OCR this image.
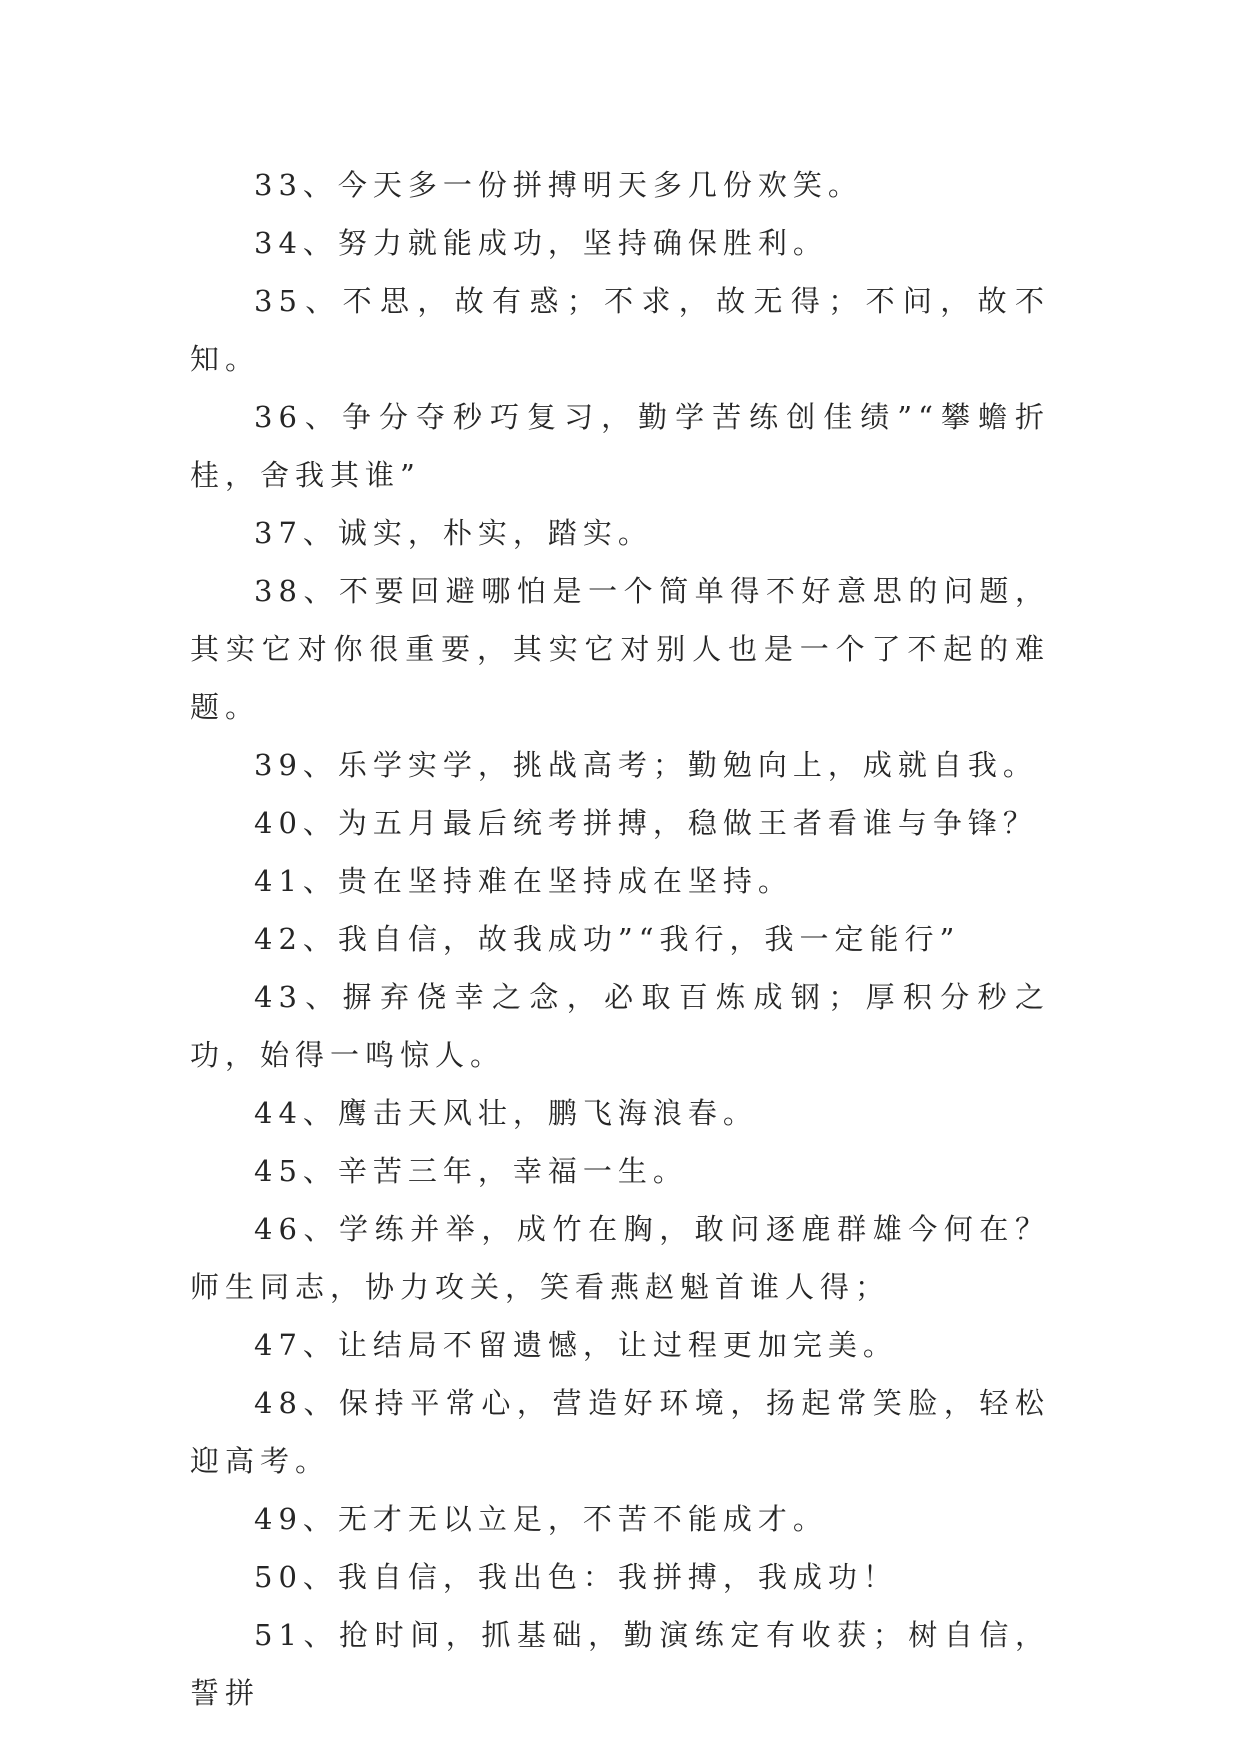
33、今天多一份拼搏明天多几份欢笑。

34、努力就能成功，坚持确保胜利。

35、不思，故有惑；不求，故无得；不问，故不知。

36、争分夺秒巧复习，勤学苦练创佳绩”“攀蟾折桂，舍我其谁”

37、诚实，朴实，踏实。

38、不要回避哪怕是一个简单得不好意思的问题，其实它对你很重要，其实它对别人也是一个了不起的难题。

39、乐学实学，挑战高考；勤勉向上，成就自我。

40、为五月最后统考拼搏，稳做王者看谁与争锋？

41、贵在坚持难在坚持成在坚持。

42、我自信，故我成功”“我行，我一定能行”

43、摒弃侥幸之念，必取百炼成钢；厚积分秒之功，始得一鸣惊人。

44、鹰击天风壮，鹏飞海浪春。

45、辛苦三年，幸福一生。

46、学练并举，成竹在胸，敢问逐鹿群雄今何在？师生同志，协力攻关，笑看燕赵魁首谁人得；

47、让结局不留遗憾，让过程更加完美。

48、保持平常心，营造好环境，扬起常笑脸，轻松迎高考。

49、无才无以立足，不苦不能成才。

50、我自信，我出色：我拼搏，我成功！

51、抢时间，抓基础，勤演练定有收获；树自信，誓拼
